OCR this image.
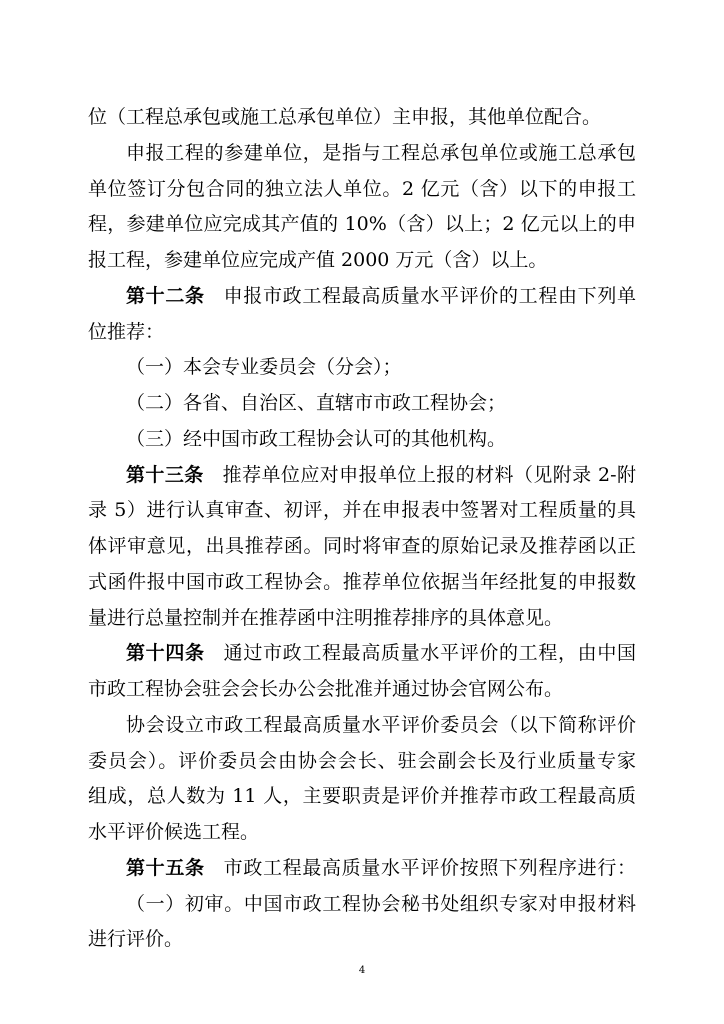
位（工程总承包或施工总承包单位）主申报，其他单位配合。
申报工程的参建单位，是指与工程总承包单位或施工总承包
单位签订分包合同的独立法人单位。2 亿元（含）以下的申报工
程，参建单位应完成其产值的 10%（含）以上；2 亿元以上的申
报工程，参建单位应完成产值 2000 万元（含）以上。
第十二条 申报市政工程最高质量水平评价的工程由下列单
位推荐：
（一）本会专业委员会（分会）；
（二）各省、自治区、直辖市市政工程协会；
（三）经中国市政工程协会认可的其他机构。
第十三条 推荐单位应对申报单位上报的材料（见附录 2-附
录 5）进行认真审查、初评，并在申报表中签署对工程质量的具
体评审意见，出具推荐函。同时将审查的原始记录及推荐函以正
式函件报中国市政工程协会。推荐单位依据当年经批复的申报数
量进行总量控制并在推荐函中注明推荐排序的具体意见。
第十四条 通过市政工程最高质量水平评价的工程，由中国
市政工程协会驻会会长办公会批准并通过协会官网公布。
协会设立市政工程最高质量水平评价委员会（以下简称评价
委员会）。评价委员会由协会会长、驻会副会长及行业质量专家
组成，总人数为 11 人，主要职责是评价并推荐市政工程最高质
水平评价候选工程。
第十五条 市政工程最高质量水平评价按照下列程序进行：
（一）初审。中国市政工程协会秘书处组织专家对申报材料
进行评价。
4
